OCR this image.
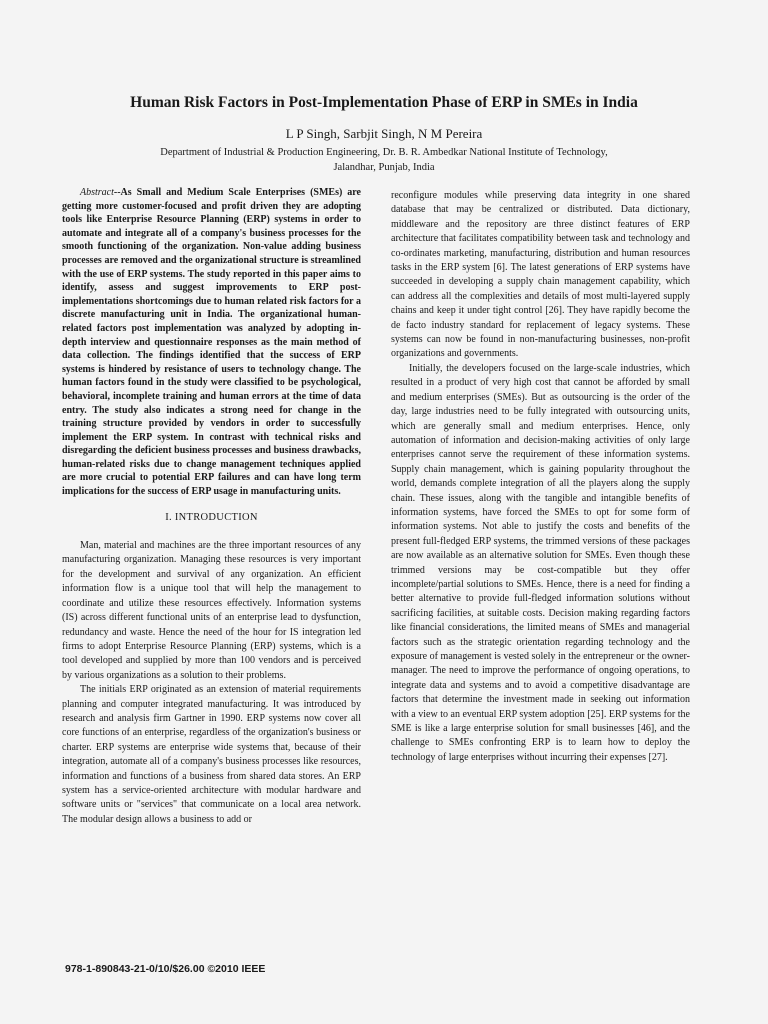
Human Risk Factors in Post-Implementation Phase of ERP in SMEs in India
L P Singh, Sarbjit Singh, N M Pereira
Department of Industrial & Production Engineering, Dr. B. R. Ambedkar National Institute of Technology,
Jalandhar, Punjab, India

Abstract--As Small and Medium Scale Enterprises (SMEs) are getting more customer-focused and profit driven they are adopting tools like Enterprise Resource Planning (ERP) systems in order to automate and integrate all of a company's business processes for the smooth functioning of the organization. Non-value adding business processes are removed and the organizational structure is streamlined with the use of ERP systems. The study reported in this paper aims to identify, assess and suggest improvements to ERP post-implementations shortcomings due to human related risk factors for a discrete manufacturing unit in India. The organizational human-related factors post implementation was analyzed by adopting in-depth interview and questionnaire responses as the main method of data collection. The findings identified that the success of ERP systems is hindered by resistance of users to technology change. The human factors found in the study were classified to be psychological, behavioral, incomplete training and human errors at the time of data entry. The study also indicates a strong need for change in the training structure provided by vendors in order to successfully implement the ERP system. In contrast with technical risks and disregarding the deficient business processes and business drawbacks, human-related risks due to change management techniques applied are more crucial to potential ERP failures and can have long term implications for the success of ERP usage in manufacturing units.

I. INTRODUCTION

Man, material and machines are the three important resources of any manufacturing organization. Managing these resources is very important for the development and survival of any organization. An efficient information flow is a unique tool that will help the management to coordinate and utilize these resources effectively. Information systems (IS) across different functional units of an enterprise lead to dysfunction, redundancy and waste. Hence the need of the hour for IS integration led firms to adopt Enterprise Resource Planning (ERP) systems, which is a tool developed and supplied by more than 100 vendors and is perceived by various organizations as a solution to their problems.

The initials ERP originated as an extension of material requirements planning and computer integrated manufacturing. It was introduced by research and analysis firm Gartner in 1990. ERP systems now cover all core functions of an enterprise, regardless of the organization's business or charter. ERP systems are enterprise wide systems that, because of their integration, automate all of a company's business processes like resources, information and functions of a business from shared data stores. An ERP system has a service-oriented architecture with modular hardware and software units or "services" that communicate on a local area network. The modular design allows a business to add or

reconfigure modules while preserving data integrity in one shared database that may be centralized or distributed. Data dictionary, middleware and the repository are three distinct features of ERP architecture that facilitates compatibility between task and technology and co-ordinates marketing, manufacturing, distribution and human resources tasks in the ERP system [6]. The latest generations of ERP systems have succeeded in developing a supply chain management capability, which can address all the complexities and details of most multi-layered supply chains and keep it under tight control [26]. They have rapidly become the de facto industry standard for replacement of legacy systems. These systems can now be found in non-manufacturing businesses, non-profit organizations and governments.

Initially, the developers focused on the large-scale industries, which resulted in a product of very high cost that cannot be afforded by small and medium enterprises (SMEs). But as outsourcing is the order of the day, large industries need to be fully integrated with outsourcing units, which are generally small and medium enterprises. Hence, only automation of information and decision-making activities of only large enterprises cannot serve the requirement of these information systems. Supply chain management, which is gaining popularity throughout the world, demands complete integration of all the players along the supply chain. These issues, along with the tangible and intangible benefits of information systems, have forced the SMEs to opt for some form of information systems. Not able to justify the costs and benefits of the present full-fledged ERP systems, the trimmed versions of these packages are now available as an alternative solution for SMEs. Even though these trimmed versions may be cost-compatible but they offer incomplete/partial solutions to SMEs. Hence, there is a need for finding a better alternative to provide full-fledged information solutions without sacrificing facilities, at suitable costs. Decision making regarding factors like financial considerations, the limited means of SMEs and managerial factors such as the strategic orientation regarding technology and the exposure of management is vested solely in the entrepreneur or the owner-manager. The need to improve the performance of ongoing operations, to integrate data and systems and to avoid a competitive disadvantage are factors that determine the investment made in seeking out information with a view to an eventual ERP system adoption [25]. ERP systems for the SME is like a large enterprise solution for small businesses [46], and the challenge to SMEs confronting ERP is to learn how to deploy the technology of large enterprises without incurring their expenses [27].

978-1-890843-21-0/10/$26.00 ©2010 IEEE
